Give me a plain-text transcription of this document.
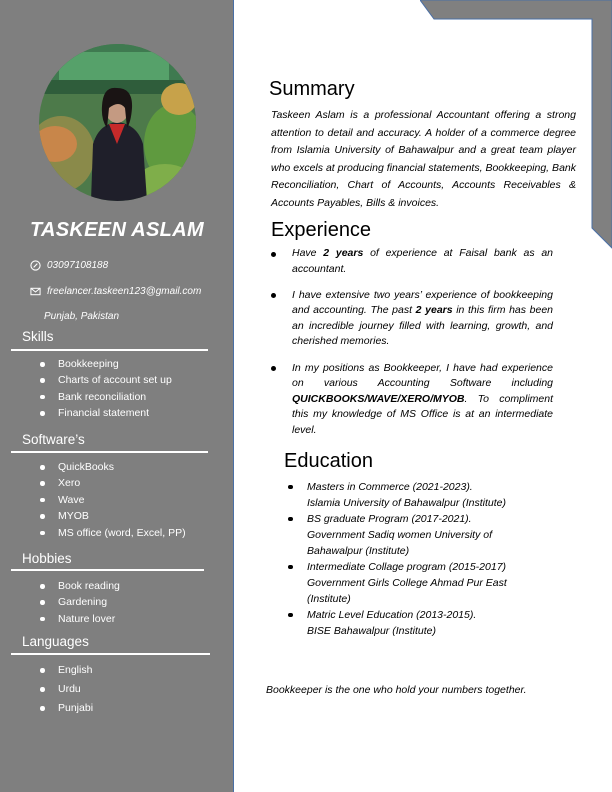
TASKEEN ASLAM
03097108188
freelancer.taskeen123@gmail.com
Punjab, Pakistan
Skills
Bookkeeping
Charts of account set up
Bank reconciliation
Financial statement
Software’s
QuickBooks
Xero
Wave
MYOB
MS office (word, Excel, PP)
Hobbies
Book reading
Gardening
Nature lover
Languages
English
Urdu
Punjabi
Summary
Taskeen Aslam is a professional Accountant offering a strong attention to detail and accuracy. A holder of a commerce degree from Islamia University of Bahawalpur and a great team player who excels at producing financial statements, Bookkeeping, Bank Reconciliation, Chart of Accounts, Accounts Receivables & Accounts Payables, Bills & invoices.
Experience
Have 2 years of experience at Faisal bank as an accountant.
I have extensive two years’ experience of bookkeeping and accounting. The past 2 years in this firm has been an incredible journey filled with learning, growth, and cherished memories.
In my positions as Bookkeeper, I have had experience on various Accounting Software including QUICKBOOKS/WAVE/XERO/MYOB. To compliment this my knowledge of MS Office is at an intermediate level.
Education
Masters in Commerce (2021-2023).
Islamia University of Bahawalpur (Institute)
BS graduate Program (2017-2021).
Government Sadiq women University of Bahawalpur (Institute)
Intermediate Collage program (2015-2017)
Government Girls College Ahmad Pur East (Institute)
Matric Level Education (2013-2015).
BISE Bahawalpur (Institute)
Bookkeeper is the one who hold your numbers together.
